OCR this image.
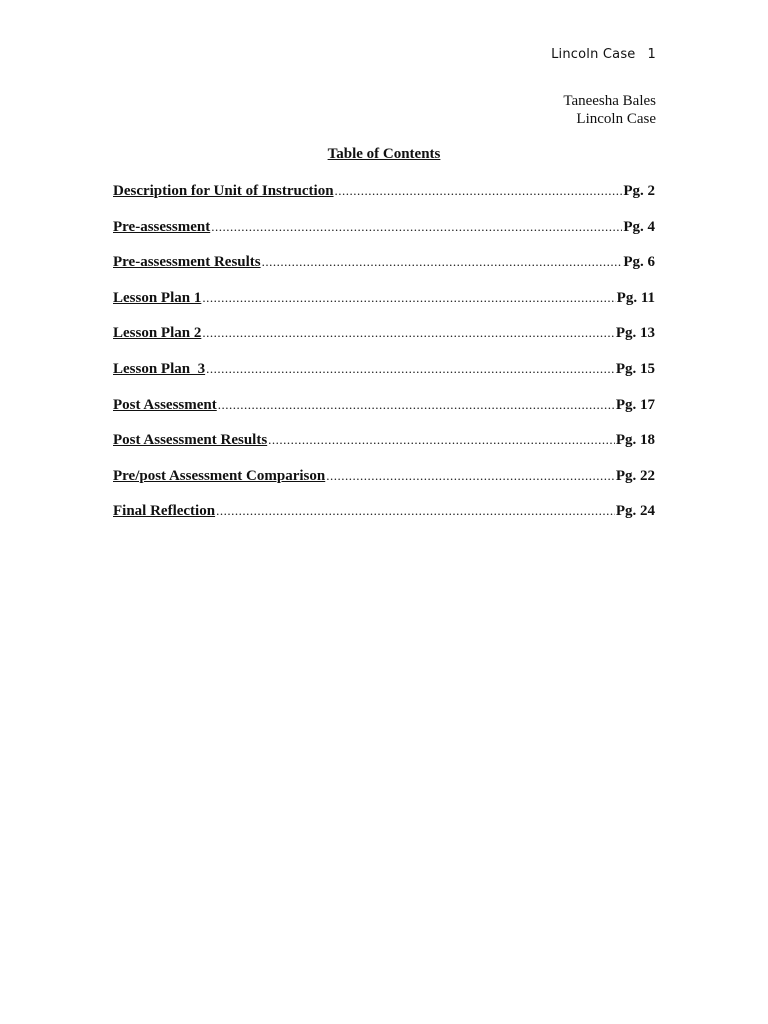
Lincoln Case 1
Taneesha Bales
Lincoln Case
Table of Contents
Description for Unit of Instruction .....	Pg. 2
Pre-assessment .....	Pg. 4
Pre-assessment Results .....	Pg. 6
Lesson Plan 1 .....	Pg. 11
Lesson Plan 2 .....	Pg. 13
Lesson Plan  3 .....	Pg. 15
Post Assessment .....	Pg. 17
Post Assessment Results .....	Pg. 18
Pre/post Assessment Comparison .....	Pg. 22
Final Reflection .....	Pg. 24
